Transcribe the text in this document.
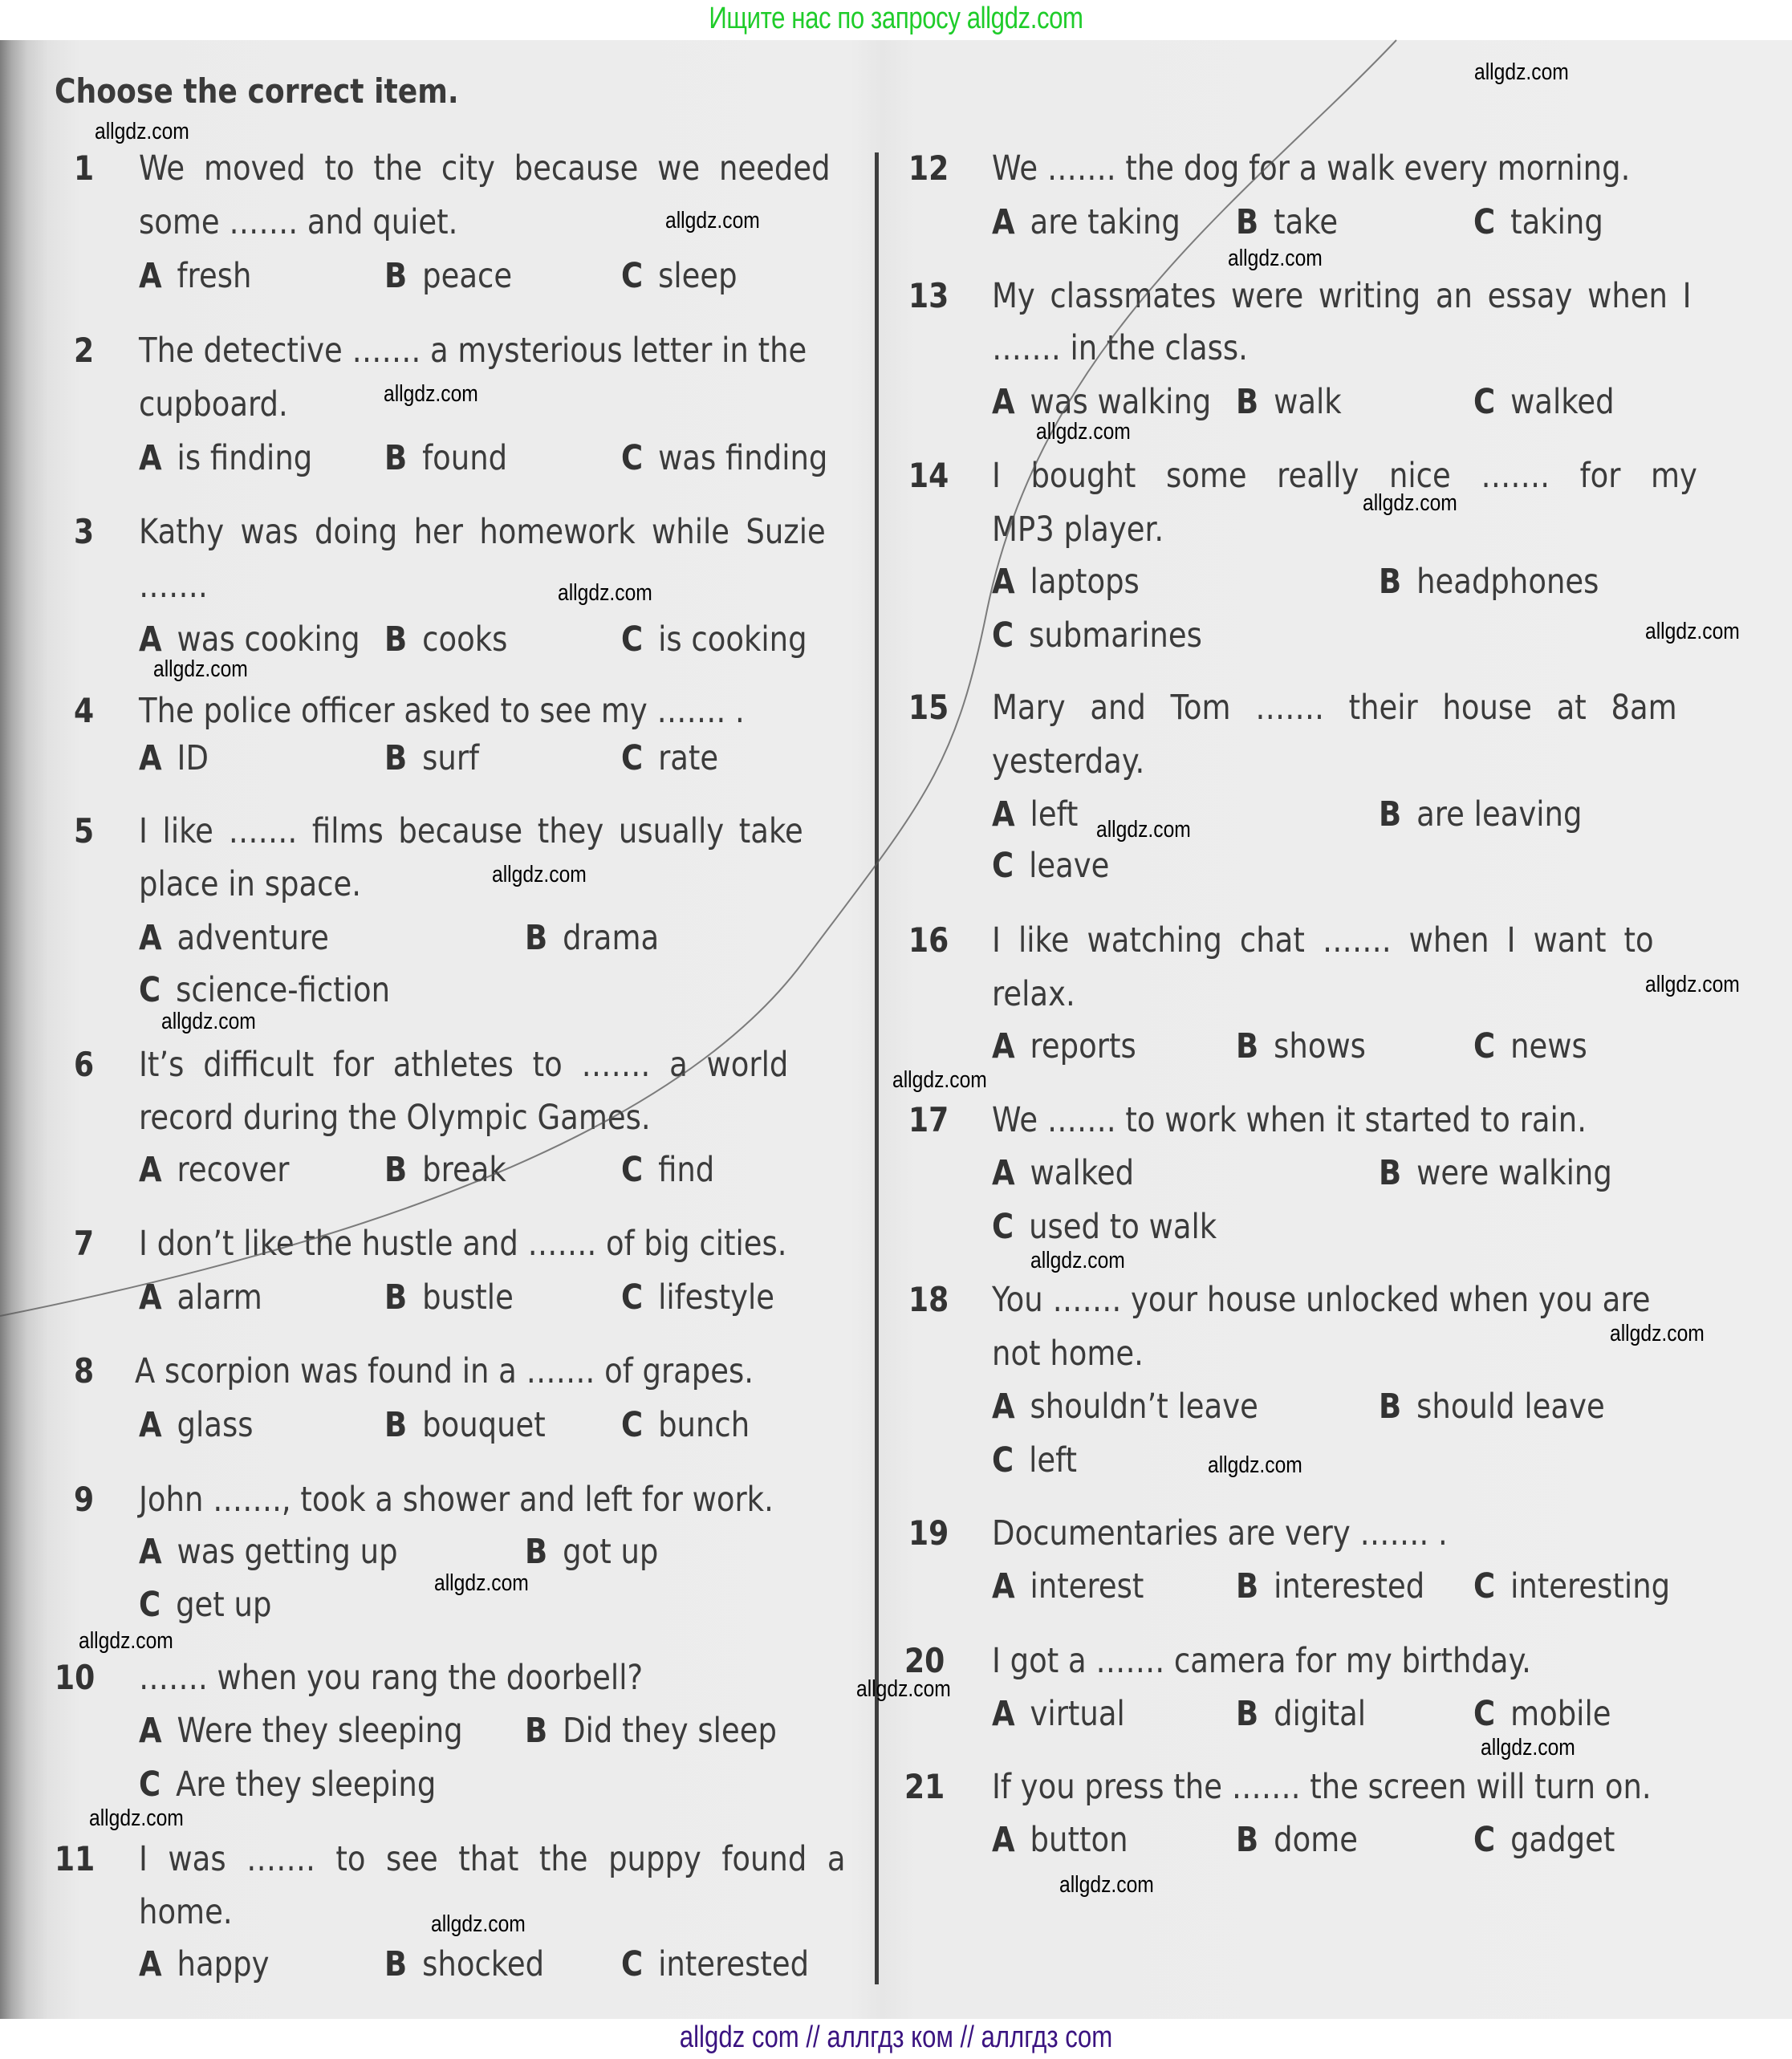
Ищите нас по запросу allgdz.com
Choose the correct item.
1 We moved to the city because we needed
some ……. and quiet.
A fresh	B peace	C sleep
2 The detective ……. a mysterious letter in the
cupboard.
A is finding B found	C was finding
3 Kathy was doing her homework while Suzie
…….
A was cooking B cooks	C is cooking
4 The police officer asked to see my ……. .
A ID	B surf	C rate
5 I like ……. films because they usually take
place in space.
A adventure	B drama
C science-fiction
6 It’s difficult for athletes to ……. a world
record during the Olympic Games.
A recover	B break	C find
7 I don’t like the hustle and ……. of big cities.
A alarm	B bustle	C lifestyle
8 A scorpion was found in a ……. of grapes.
A glass	B bouquet C bunch
9 John ……., took a shower and left for work.
A was getting up	B got up
C get up
10 ……. when you rang the doorbell?
A Were they sleeping B Did they sleep
C Are they sleeping
11 I was ……. to see that the puppy found a
home.
A happy	B shocked C interested
12 We ……. the dog for a walk every morning.
A are taking B take	C taking
13 My classmates were writing an essay when I
……. in the class.
A was walking B walk	C walked
14 I bought some really nice ……. for my
MP3 player.
A laptops	B headphones
C submarines
15 Mary and Tom ……. their house at 8am
yesterday.
A left	B are leaving
C leave
16 I like watching chat ……. when I want to
relax.
A reports	B shows	C news
17 We ……. to work when it started to rain.
A walked	B were walking
C used to walk
18 You ……. your house unlocked when you are
not home.
A shouldn’t leave	B should leave
C left
19 Documentaries are very ……. .
A interest	B interested C interesting
20 I got a ……. camera for my birthday.
A virtual	B digital	C mobile
21 If you press the ……. the screen will turn on.
A button	B dome	C gadget
allgdz.com
allgdz.com
allgdz.com
allgdz.com
allgdz.com
allgdz.com
allgdz.com
allgdz.com
allgdz.com
allgdz.com
allgdz.com
allgdz.com
allgdz.com
allgdz.com
allgdz.com
allgdz.com
allgdz.com
allgdz.com
allgdz.com
allgdz.com
allgdz.com
allgdz.com
allgdz.com
allgdz.com
allgdz.com
allgdz com // аллгдз ком // аллгдз com
